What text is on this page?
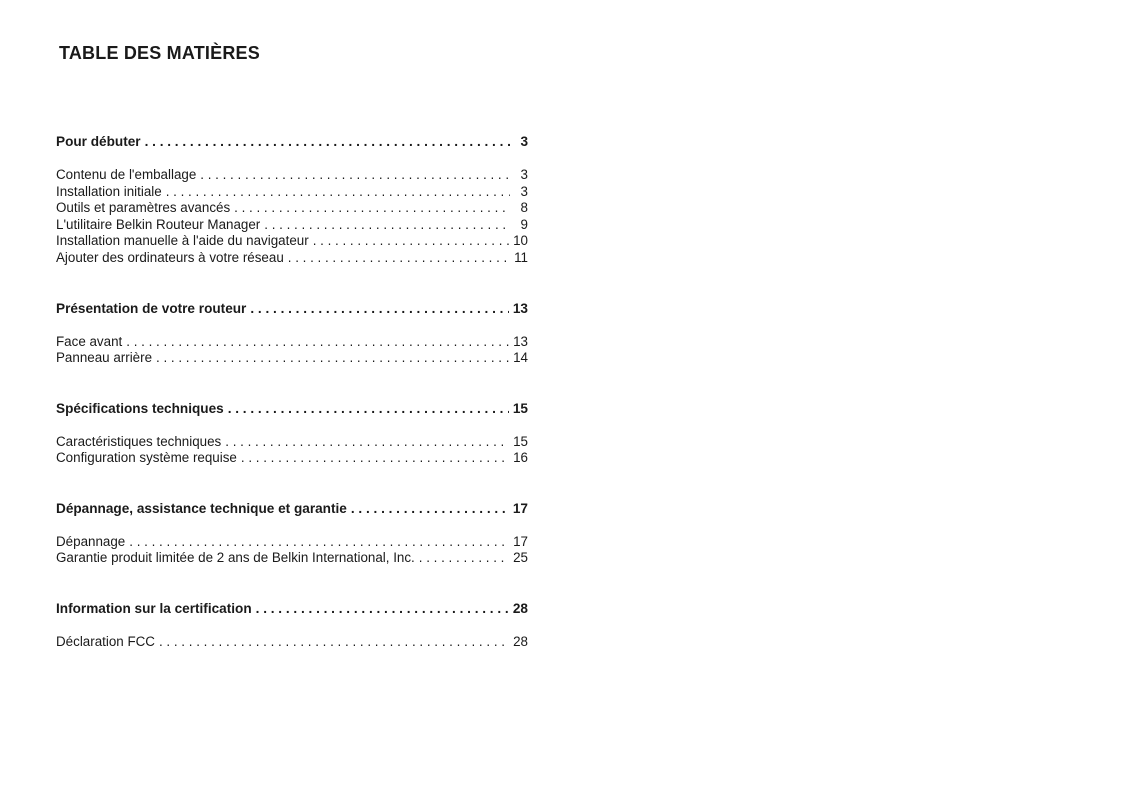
TABLE DES MATIÈRES
Pour débuter . . .	3
Contenu de l'emballage . . .	3
Installation initiale . . .	3
Outils et paramètres avancés . . .	8
L'utilitaire Belkin Routeur Manager . . .	9
Installation manuelle à l'aide du navigateur . . .	10
Ajouter des ordinateurs à votre réseau . . .	11
Présentation de votre routeur . . .	13
Face avant . . .	13
Panneau arrière . . .	14
Spécifications techniques . . .	15
Caractéristiques techniques . . .	15
Configuration système requise . . .	16
Dépannage, assistance technique et garantie . . .	17
Dépannage . . .	17
Garantie produit limitée de 2 ans de Belkin International, Inc. . . .	25
Information sur la certification . . .	28
Déclaration FCC . . .	28
